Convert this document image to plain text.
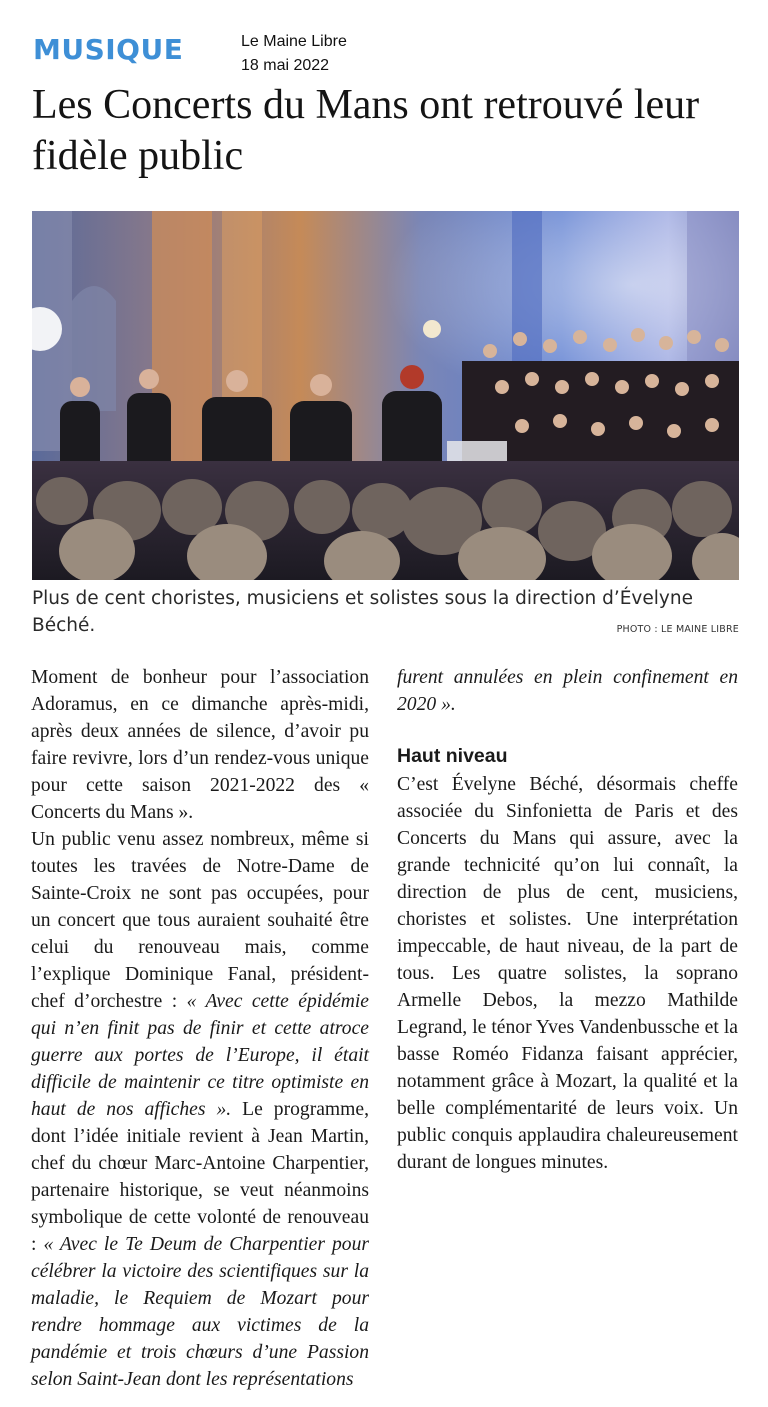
MUSIQUE	Le Maine Libre
18 mai 2022
Les Concerts du Mans ont retrouvé leur fidèle public

Plus de cent choristes, musiciens et solistes sous la direction d’Évelyne Béché.	PHOTO : LE MAINE LIBRE

Moment de bonheur pour l’association Adoramus, en ce dimanche après-midi, après deux années de silence, d’avoir pu faire revivre, lors d’un rendez-vous unique pour cette saison 2021-2022 des « Concerts du Mans ».

Un public venu assez nombreux, même si toutes les travées de Notre-Dame de Sainte-Croix ne sont pas occupées, pour un concert que tous auraient souhaité être celui du renouveau mais, comme l’explique Dominique Fanal, président-chef d’orchestre : « Avec cette épidémie qui n’en finit pas de finir et cette atroce guerre aux portes de l’Europe, il était difficile de maintenir ce titre optimiste en haut de nos affiches ». Le programme, dont l’idée initiale revient à Jean Martin, chef du chœur Marc-Antoine Charpentier, partenaire historique, se veut néanmoins symbolique de cette volonté de renouveau : « Avec le Te Deum de Charpentier pour célébrer la victoire des scientifiques sur la maladie, le Requiem de Mozart pour rendre hommage aux victimes de la pandémie et trois chœurs d’une Passion selon Saint-Jean dont les représentations

furent annulées en plein confinement en 2020 ».

Haut niveau

C’est Évelyne Béché, désormais cheffe associée du Sinfonietta de Paris et des Concerts du Mans qui assure, avec la grande technicité qu’on lui connaît, la direction de plus de cent, musiciens, choristes et solistes. Une interprétation impeccable, de haut niveau, de la part de tous. Les quatre solistes, la soprano Armelle Debos, la mezzo Mathilde Legrand, le ténor Yves Vandenbussche et la basse Roméo Fidanza faisant apprécier, notamment grâce à Mozart, la qualité et la belle complémentarité de leurs voix. Un public conquis applaudira chaleureusement durant de longues minutes.
